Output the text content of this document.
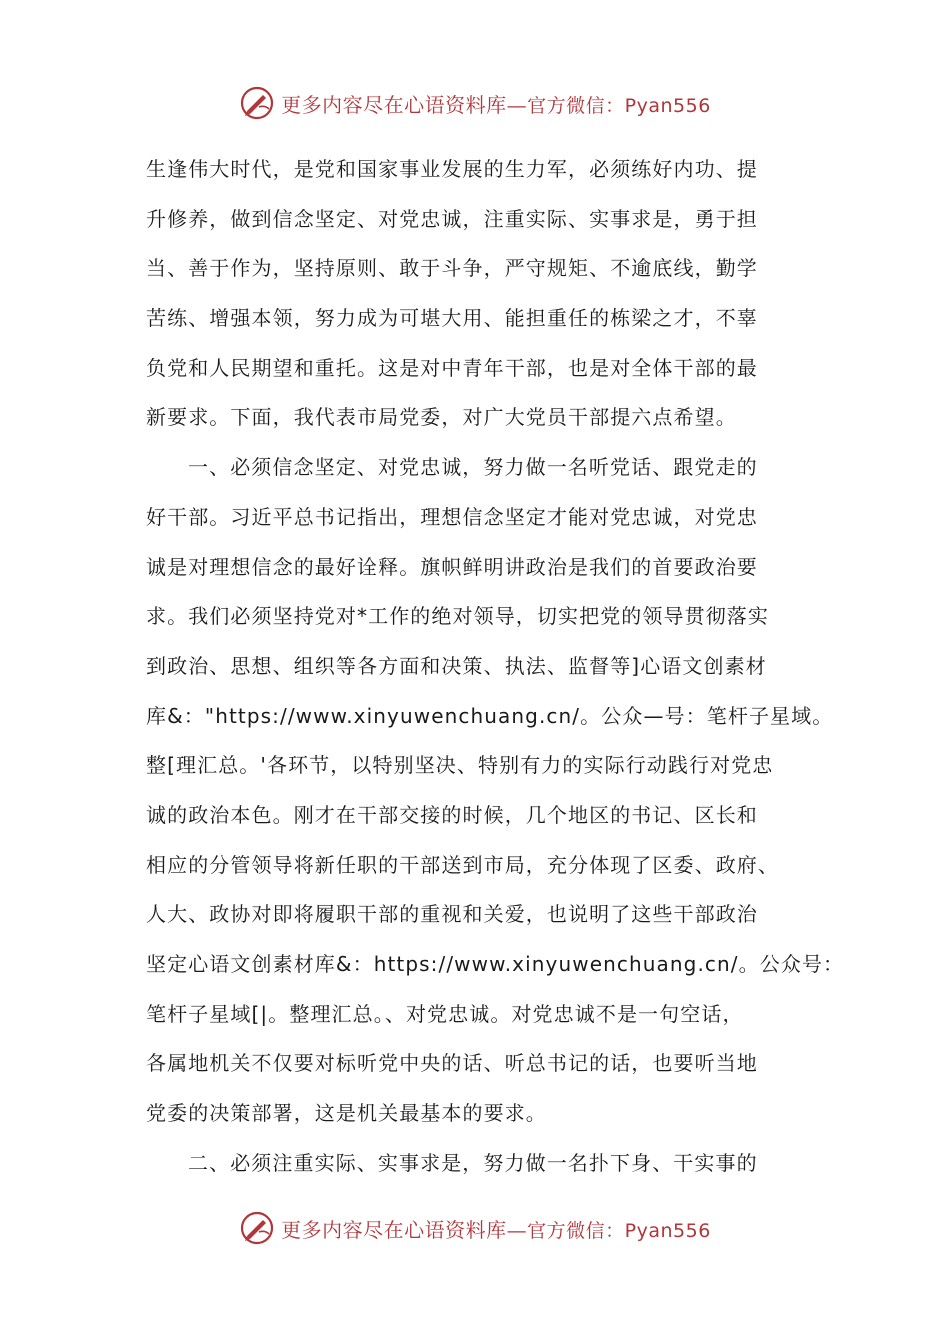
更多内容尽在心语资料库—官方微信：Pyan556
生逢伟大时代，是党和国家事业发展的生力军，必须练好内功、提
升修养，做到信念坚定、对党忠诚，注重实际、实事求是，勇于担
当、善于作为，坚持原则、敢于斗争，严守规矩、不逾底线，勤学
苦练、增强本领，努力成为可堪大用、能担重任的栋梁之才，不辜
负党和人民期望和重托。这是对中青年干部，也是对全体干部的最
新要求。下面，我代表市局党委，对广大党员干部提六点希望。
一、必须信念坚定、对党忠诚，努力做一名听党话、跟党走的
好干部。习近平总书记指出，理想信念坚定才能对党忠诚，对党忠
诚是对理想信念的最好诠释。旗帜鲜明讲政治是我们的首要政治要
求。我们必须坚持党对*工作的绝对领导，切实把党的领导贯彻落实
到政治、思想、组织等各方面和决策、执法、监督等]心语文创素材
库&："https://www.xinyuwenchuang.cn/。公众—号：笔杆子星域。
整[理汇总。'各环节，以特别坚决、特别有力的实际行动践行对党忠
诚的政治本色。刚才在干部交接的时候，几个地区的书记、区长和
相应的分管领导将新任职的干部送到市局，充分体现了区委、政府、
人大、政协对即将履职干部的重视和关爱，也说明了这些干部政治
坚定心语文创素材库&：https://www.xinyuwenchuang.cn/。公众号：
笔杆子星域[|。整理汇总。、对党忠诚。对党忠诚不是一句空话，
各属地机关不仅要对标听党中央的话、听总书记的话，也要听当地
党委的决策部署，这是机关最基本的要求。
二、必须注重实际、实事求是，努力做一名扑下身、干实事的
更多内容尽在心语资料库—官方微信：Pyan556
